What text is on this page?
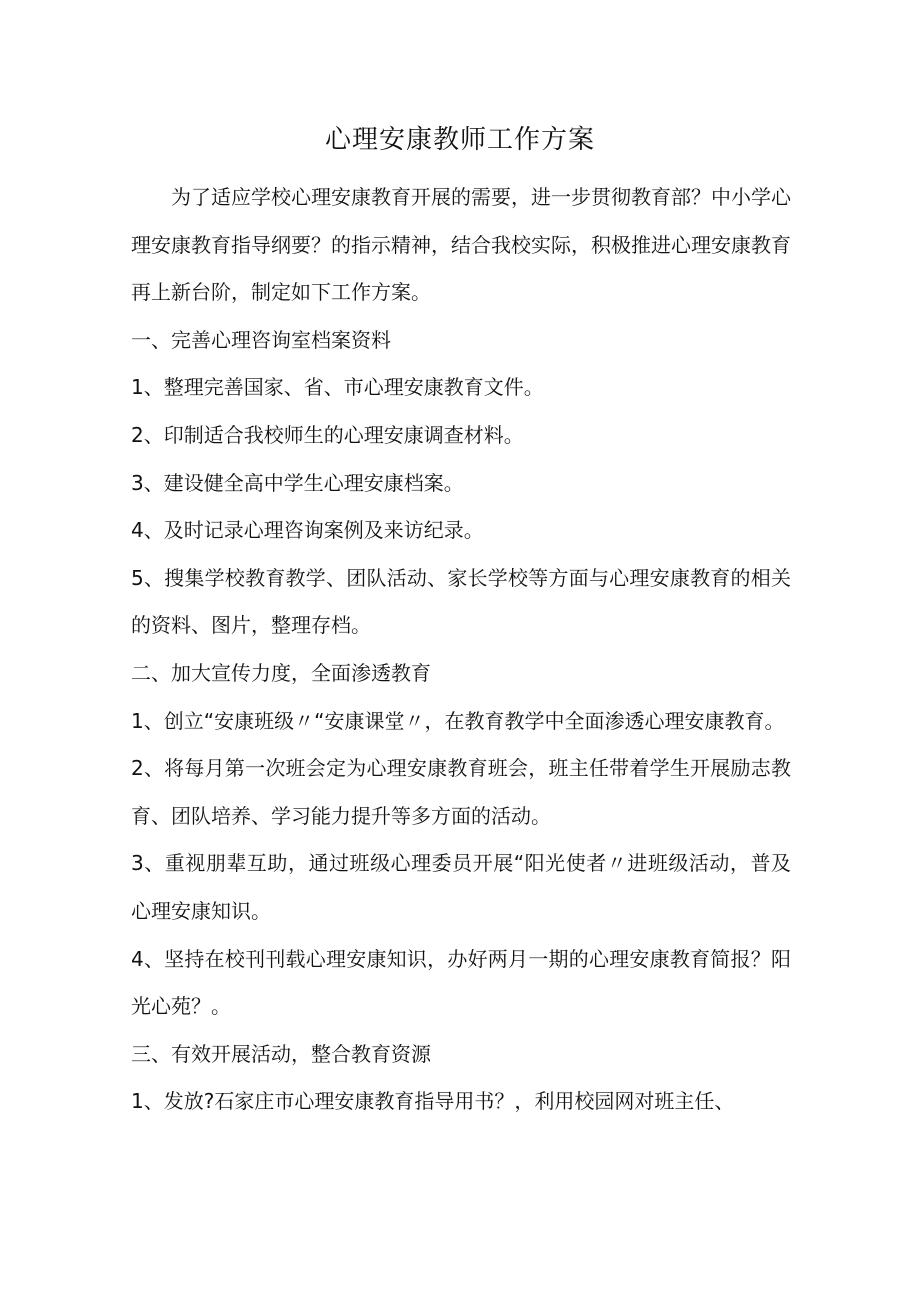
心理安康教师工作方案

为了适应学校心理安康教育开展的需要，进一步贯彻教育部？中小学心理安康教育指导纲要？的指示精神，结合我校实际，积极推进心理安康教育再上新台阶，制定如下工作方案。

一、完善心理咨询室档案资料

1、整理完善国家、省、市心理安康教育文件。

2、印制适合我校师生的心理安康调查材料。

3、建设健全高中学生心理安康档案。

4、及时记录心理咨询案例及来访纪录。

5、搜集学校教育教学、团队活动、家长学校等方面与心理安康教育的相关的资料、图片，整理存档。

二、加大宣传力度，全面渗透教育

1、创立“安康班级〃“安康课堂〃，在教育教学中全面渗透心理安康教育。

2、将每月第一次班会定为心理安康教育班会，班主任带着学生开展励志教育、团队培养、学习能力提升等多方面的活动。

3、重视朋辈互助，通过班级心理委员开展“阳光使者〃进班级活动，普及心理安康知识。

4、坚持在校刊刊载心理安康知识，办好两月一期的心理安康教育简报？阳光心苑？。

三、有效开展活动，整合教育资源

1、发放?石家庄市心理安康教育指导用书？，利用校园网对班主任、
